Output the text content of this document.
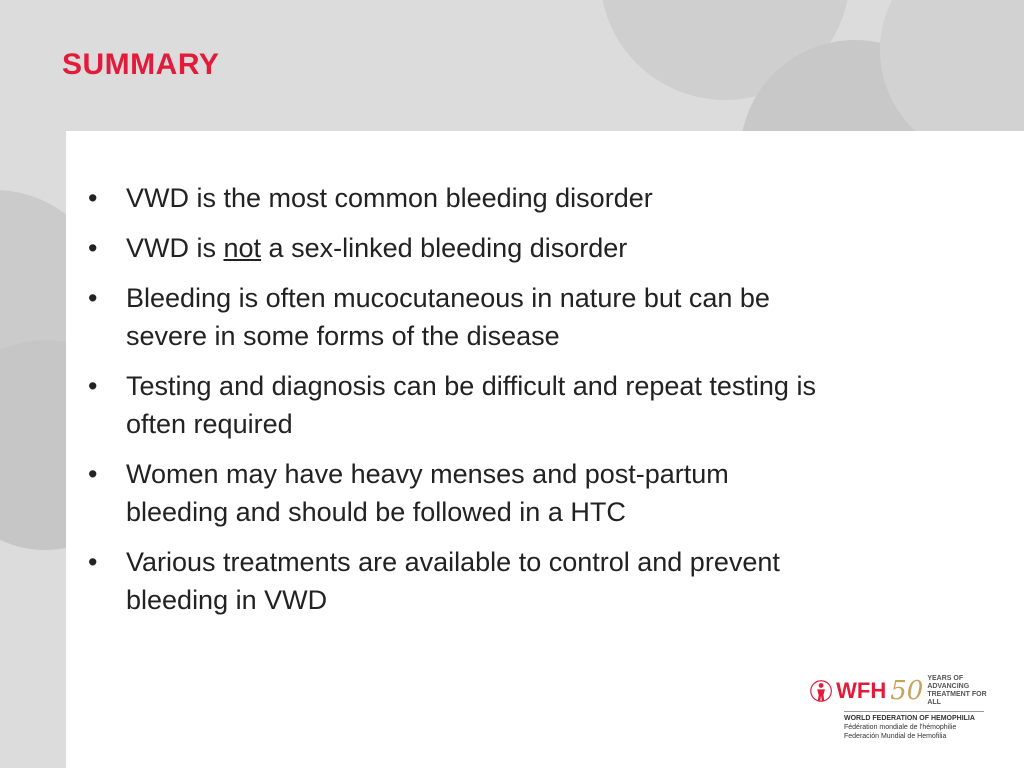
SUMMARY
• VWD is the most common bleeding disorder
• VWD is not a sex-linked bleeding disorder
• Bleeding is often mucocutaneous in nature but can be severe in some forms of the disease
• Testing and diagnosis can be difficult and repeat testing is often required
• Women may have heavy menses and post-partum bleeding and should be followed in a HTC
• Various treatments are available to control and prevent bleeding in VWD
WFH 50 YEARS OF ADVANCING
TREATMENT FOR ALL
WORLD FEDERATION OF HEMOPHILIA
Fédération mondiale de l'hémophilie
Federación Mundial de Hemofilia
